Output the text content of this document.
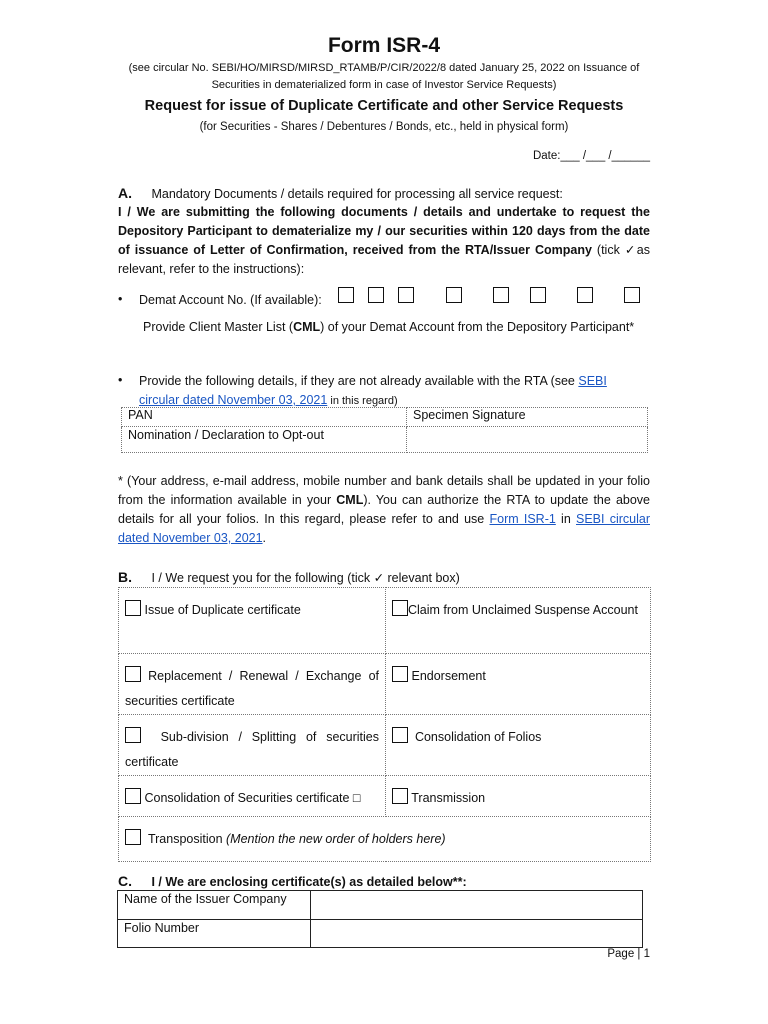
Form ISR-4
(see circular No. SEBI/HO/MIRSD/MIRSD_RTAMB/P/CIR/2022/8 dated January 25, 2022 on Issuance of
Securities in dematerialized form in case of Investor Service Requests)
Request for issue of Duplicate Certificate and other Service Requests
(for Securities - Shares / Debentures / Bonds, etc., held in physical form)
Date:___ /___ /______
A. Mandatory Documents / details required for processing all service request:
I / We are submitting the following documents / details and undertake to request the Depository Participant to dematerialize my / our securities within 120 days from the date of issuance of Letter of Confirmation, received from the RTA/Issuer Company (tick ✓as relevant, refer to the instructions):
• Demat Account No. (If available):
Provide Client Master List (CML) of your Demat Account from the Depository Participant*
• Provide the following details, if they are not already available with the RTA (see SEBI circular dated November 03, 2021 in this regard)
PAN	Specimen Signature
Nomination / Declaration to Opt-out	
* (Your address, e-mail address, mobile number and bank details shall be updated in your folio from the information available in your CML). You can authorize the RTA to update the above details for all your folios. In this regard, please refer to and use Form ISR-1 in SEBI circular dated November 03, 2021.
B. I / We request you for the following (tick ✓ relevant box)
Issue of Duplicate certificate	Claim from Unclaimed Suspense Account

Replacement / Renewal / Exchange of securities certificate	Endorsement

Sub-division / Splitting of securities certificate	Consolidation of Folios

Consolidation of Securities certificate □	Transmission

Transposition (Mention the new order of holders here)	
C. I / We are enclosing certificate(s) as detailed below**:
Name of the Issuer Company	
Folio Number	
Page | 1
